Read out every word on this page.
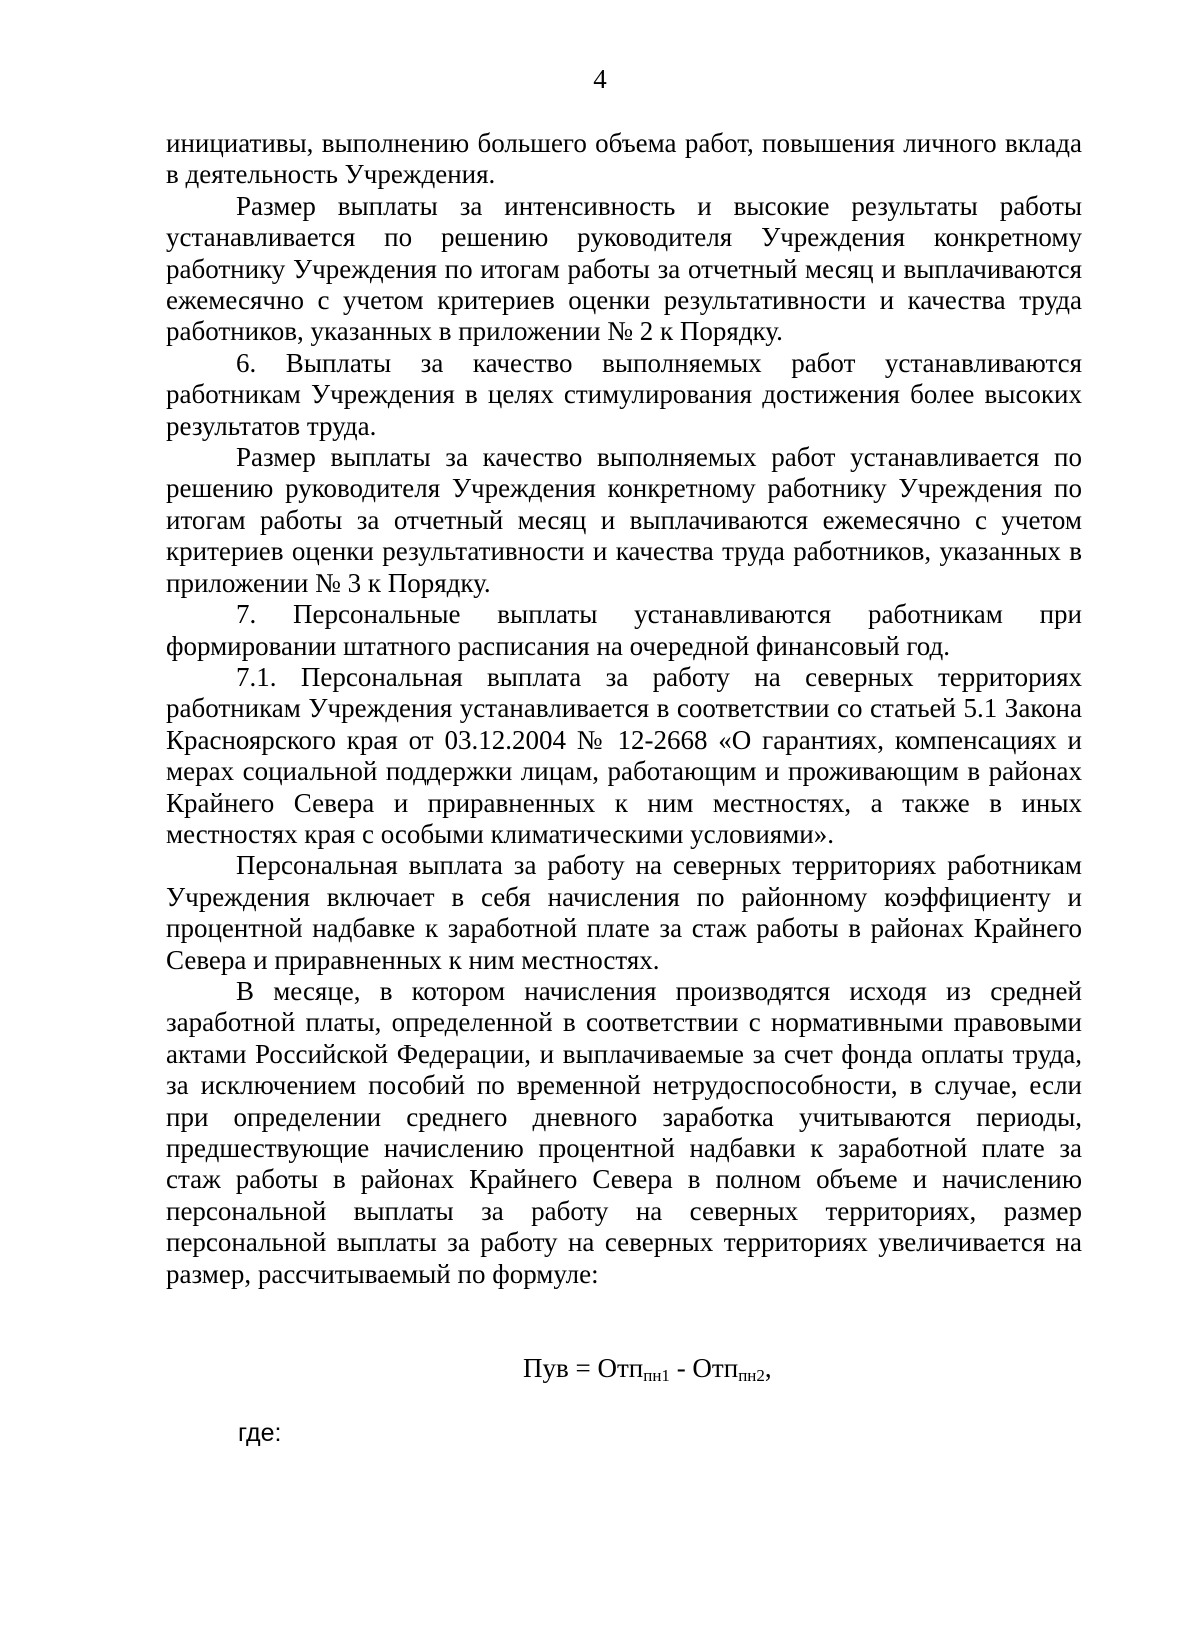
4

инициативы, выполнению большего объема работ, повышения личного вклада в деятельность Учреждения.

Размер выплаты за интенсивность и высокие результаты работы устанавливается по решению руководителя Учреждения конкретному работнику Учреждения по итогам работы за отчетный месяц и выплачиваются ежемесячно с учетом критериев оценки результативности и качества труда работников, указанных в приложении № 2 к Порядку.

6. Выплаты за качество выполняемых работ устанавливаются работникам Учреждения в целях стимулирования достижения более высоких результатов труда.

Размер выплаты за качество выполняемых работ устанавливается по решению руководителя Учреждения конкретному работнику Учреждения по итогам работы за отчетный месяц и выплачиваются ежемесячно с учетом критериев оценки результативности и качества труда работников, указанных в приложении № 3 к Порядку.

7. Персональные выплаты устанавливаются работникам при формировании штатного расписания на очередной финансовый год.

7.1. Персональная выплата за работу на северных территориях работникам Учреждения устанавливается в соответствии со статьей 5.1 Закона Красноярского края от 03.12.2004 № 12-2668 «О гарантиях, компенсациях и мерах социальной поддержки лицам, работающим и проживающим в районах Крайнего Севера и приравненных к ним местностях, а также в иных местностях края с особыми климатическими условиями».

Персональная выплата за работу на северных территориях работникам Учреждения включает в себя начисления по районному коэффициенту и процентной надбавке к заработной плате за стаж работы в районах Крайнего Севера и приравненных к ним местностях.

В месяце, в котором начисления производятся исходя из средней заработной платы, определенной в соответствии с нормативными правовыми актами Российской Федерации, и выплачиваемые за счет фонда оплаты труда, за исключением пособий по временной нетрудоспособности, в случае, если при определении среднего дневного заработка учитываются периоды, предшествующие начислению процентной надбавки к заработной плате за стаж работы в районах Крайнего Севера в полном объеме и начислению персональной выплаты за работу на северных территориях, размер персональной выплаты за работу на северных территориях увеличивается на размер, рассчитываемый по формуле:

Пув = Отп$_{пн1}$ - Отп$_{пн2}$,
где:
